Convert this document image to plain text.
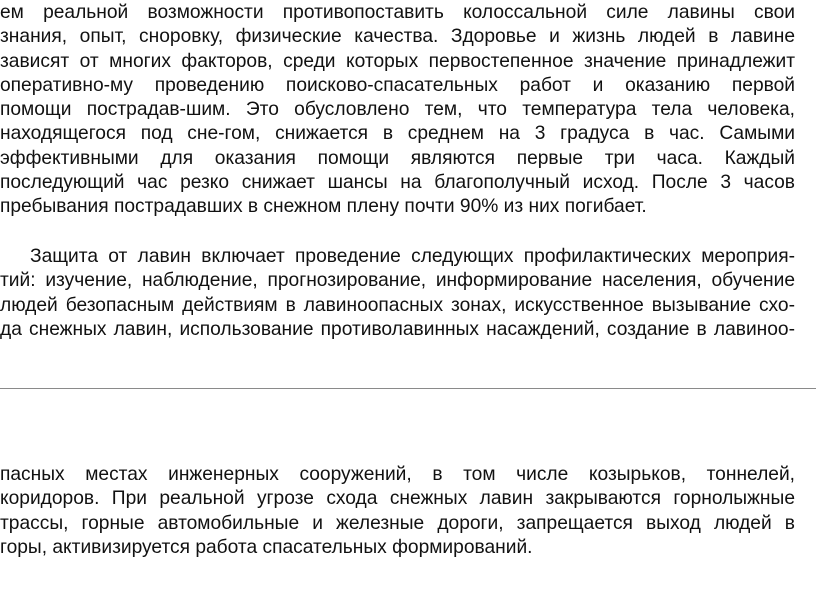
ем реальной возможности противопоставить колоссальной силе лавины свои
знания, опыт, сноровку, физические качества. Здоровье и жизнь людей в лавине
зависят от многих факторов, среди которых первостепенное значение принадлежит
оперативно-му проведению поисково-спасательных работ и оказанию первой
помощи пострадав-шим. Это обусловлено тем, что температура тела человека,
находящегося под сне-гом, снижается в среднем на 3 градуса в час. Самыми
эффективными для оказания помощи являются первые три часа. Каждый
последующий час резко снижает шансы на благополучный исход. После 3 часов
пребывания пострадавших в снежном плену почти 90% из них погибает.
Защита от лавин включает проведение следующих профилактических мероприя-
тий: изучение, наблюдение, прогнозирование, информирование населения, обучение
людей безопасным действиям в лавиноопасных зонах, искусственное вызывание схо-
да снежных лавин, использование противолавинных насаждений, создание в лавиноо-
пасных местах инженерных сооружений, в том числе козырьков, тоннелей,
коридоров. При реальной угрозе схода снежных лавин закрываются горнолыжные
трассы, горные автомобильные и железные дороги, запрещается выход людей в
горы, активизируется работа спасательных формирований.
